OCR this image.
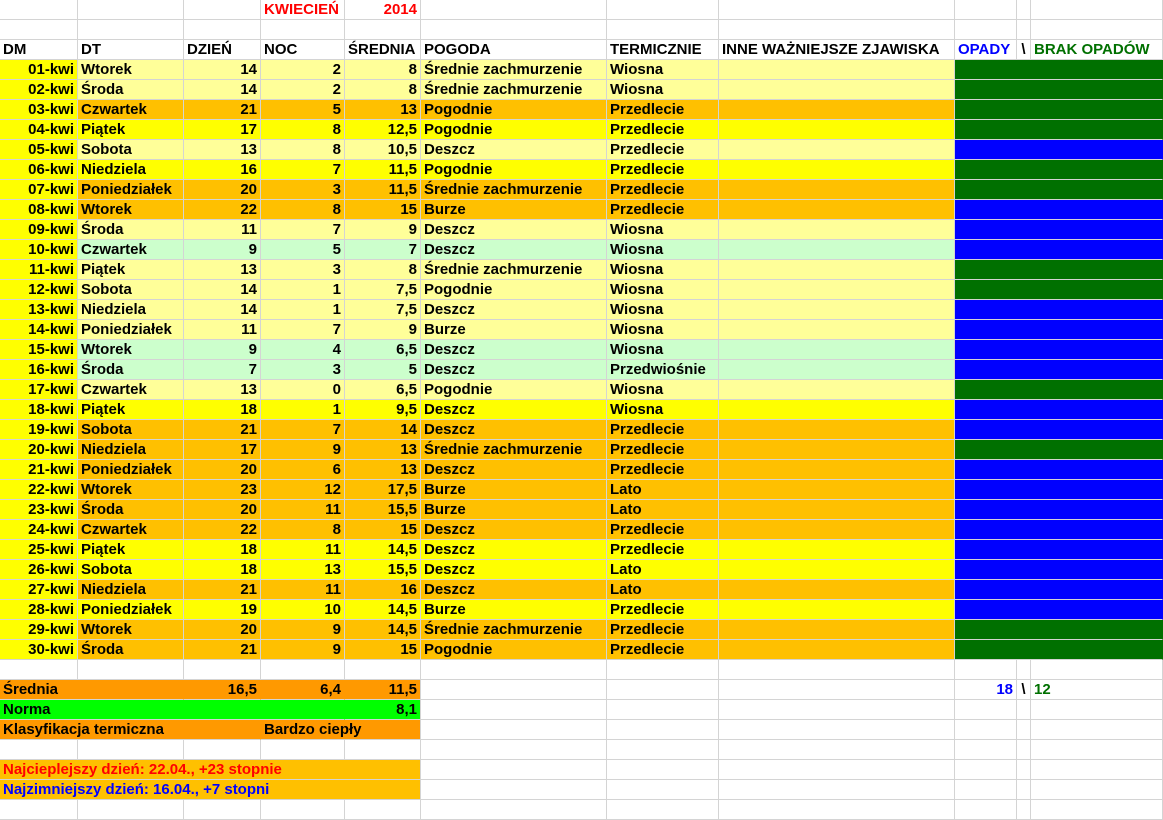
KWIECIEŃ	2014
DM	DT	DZIEŃ	NOC	ŚREDNIA POGODA	TERMICZNIE	INNE WAŻNIEJSZE ZJAWISKA	OPADY \ BRAK OPADÓW
01-kwi Wtorek	14	2	8 Średnie zachmurzenie	Wiosna
02-kwi Środa	14	2	8 Średnie zachmurzenie	Wiosna
03-kwi Czwartek	21	5	13 Pogodnie	Przedlecie
04-kwi Piątek	17	8	12,5 Pogodnie	Przedlecie
05-kwi Sobota	13	8	10,5 Deszcz	Przedlecie
06-kwi Niedziela	16	7	11,5 Pogodnie	Przedlecie
07-kwi Poniedziałek	20	3	11,5 Średnie zachmurzenie	Przedlecie
08-kwi Wtorek	22	8	15 Burze	Przedlecie
09-kwi Środa	11	7	9 Deszcz	Wiosna
10-kwi Czwartek	9	5	7 Deszcz	Wiosna
11-kwi Piątek	13	3	8 Średnie zachmurzenie	Wiosna
12-kwi Sobota	14	1	7,5 Pogodnie	Wiosna
13-kwi Niedziela	14	1	7,5 Deszcz	Wiosna
14-kwi Poniedziałek	11	7	9 Burze	Wiosna
15-kwi Wtorek	9	4	6,5 Deszcz	Wiosna
16-kwi Środa	7	3	5 Deszcz	Przedwiośnie
17-kwi Czwartek	13	0	6,5 Pogodnie	Wiosna
18-kwi Piątek	18	1	9,5 Deszcz	Wiosna
19-kwi Sobota	21	7	14 Deszcz	Przedlecie
20-kwi Niedziela	17	9	13 Średnie zachmurzenie	Przedlecie
21-kwi Poniedziałek	20	6	13 Deszcz	Przedlecie
22-kwi Wtorek	23	12	17,5 Burze	Lato
23-kwi Środa	20	11	15,5 Burze	Lato
24-kwi Czwartek	22	8	15 Deszcz	Przedlecie
25-kwi Piątek	18	11	14,5 Deszcz	Przedlecie
26-kwi Sobota	18	13	15,5 Deszcz	Lato
27-kwi Niedziela	21	11	16 Deszcz	Lato
28-kwi Poniedziałek	19	10	14,5 Burze	Przedlecie
29-kwi Wtorek	20	9	14,5 Średnie zachmurzenie	Przedlecie
30-kwi Środa	21	9	15 Pogodnie	Przedlecie
Średnia	16,5	6,4	11,5	18 \ 12
Norma	8,1
Klasyfikacja termiczna	Bardzo ciepły
Najcieplejszy dzień: 22.04., +23 stopnie
Najzimniejszy dzień: 16.04., +7 stopni
